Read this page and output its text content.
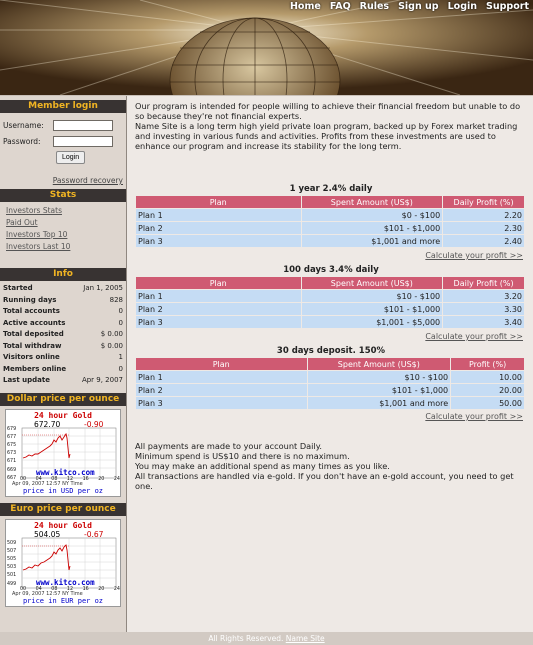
Home FAQ Rules Sign up Login Support
Member login
Username:
Password:
Login
Password recovery
Stats
Investors Stats
Paid Out
Investors Top 10
Investors Last 10
Info
Started	Jan 1, 2005
Running days	828
Total accounts	0
Active accounts	0
Total deposited	$ 0.00
Total withdraw	$ 0.00
Visitors online	1
Members online	0
Last update	Apr 9, 2007
Dollar price per ounce
24 hour Gold
672.70	-0.90
679
677
675
673
671
669
667
www.kitco.com
00 04 08 12 16 20 24
Apr 09, 2007 12:57 NY Time
price in USD per oz
Euro price per ounce
24 hour Gold
504.05	-0.67
509
507
505
503
501
499	www.kitco.com
00 04 08 12 16 20 24
Apr 09, 2007 12:57 NY Time
price in EUR per oz

Our program is intended for people willing to achieve their financial freedom but unable to do so because they're not financial experts.

Name Site is a long term high yield private loan program, backed up by Forex market trading and investing in various funds and activities. Profits from these investments are used to enhance our program and increase its stability for the long term.

1 year 2.4% daily
Plan	Spent Amount (US$)	Daily Profit (%)
Plan 1	$0 - $100	2.20
Plan 2	$101 - $1,000	2.30
Plan 3	$1,001 and more	2.40
Calculate your profit >>
100 days 3.4% daily
Plan	Spent Amount (US$)	Daily Profit (%)
Plan 1	$10 - $100	3.20
Plan 2	$101 - $1,000	3.30
Plan 3	$1,001 - $5,000	3.40
Calculate your profit >>
30 days deposit. 150%
Plan	Spent Amount (US$)	Profit (%)
Plan 1	$10 - $100	10.00
Plan 2	$101 - $1,000	20.00
Plan 3	$1,001 and more	50.00
Calculate your profit >>

All payments are made to your account Daily.

Minimum spend is US$10 and there is no maximum.

You may make an additional spend as many times as you like.

All transactions are handled via e-gold. If you don't have an e-gold account, you need to get one.

All Rights Reserved. Name Site
